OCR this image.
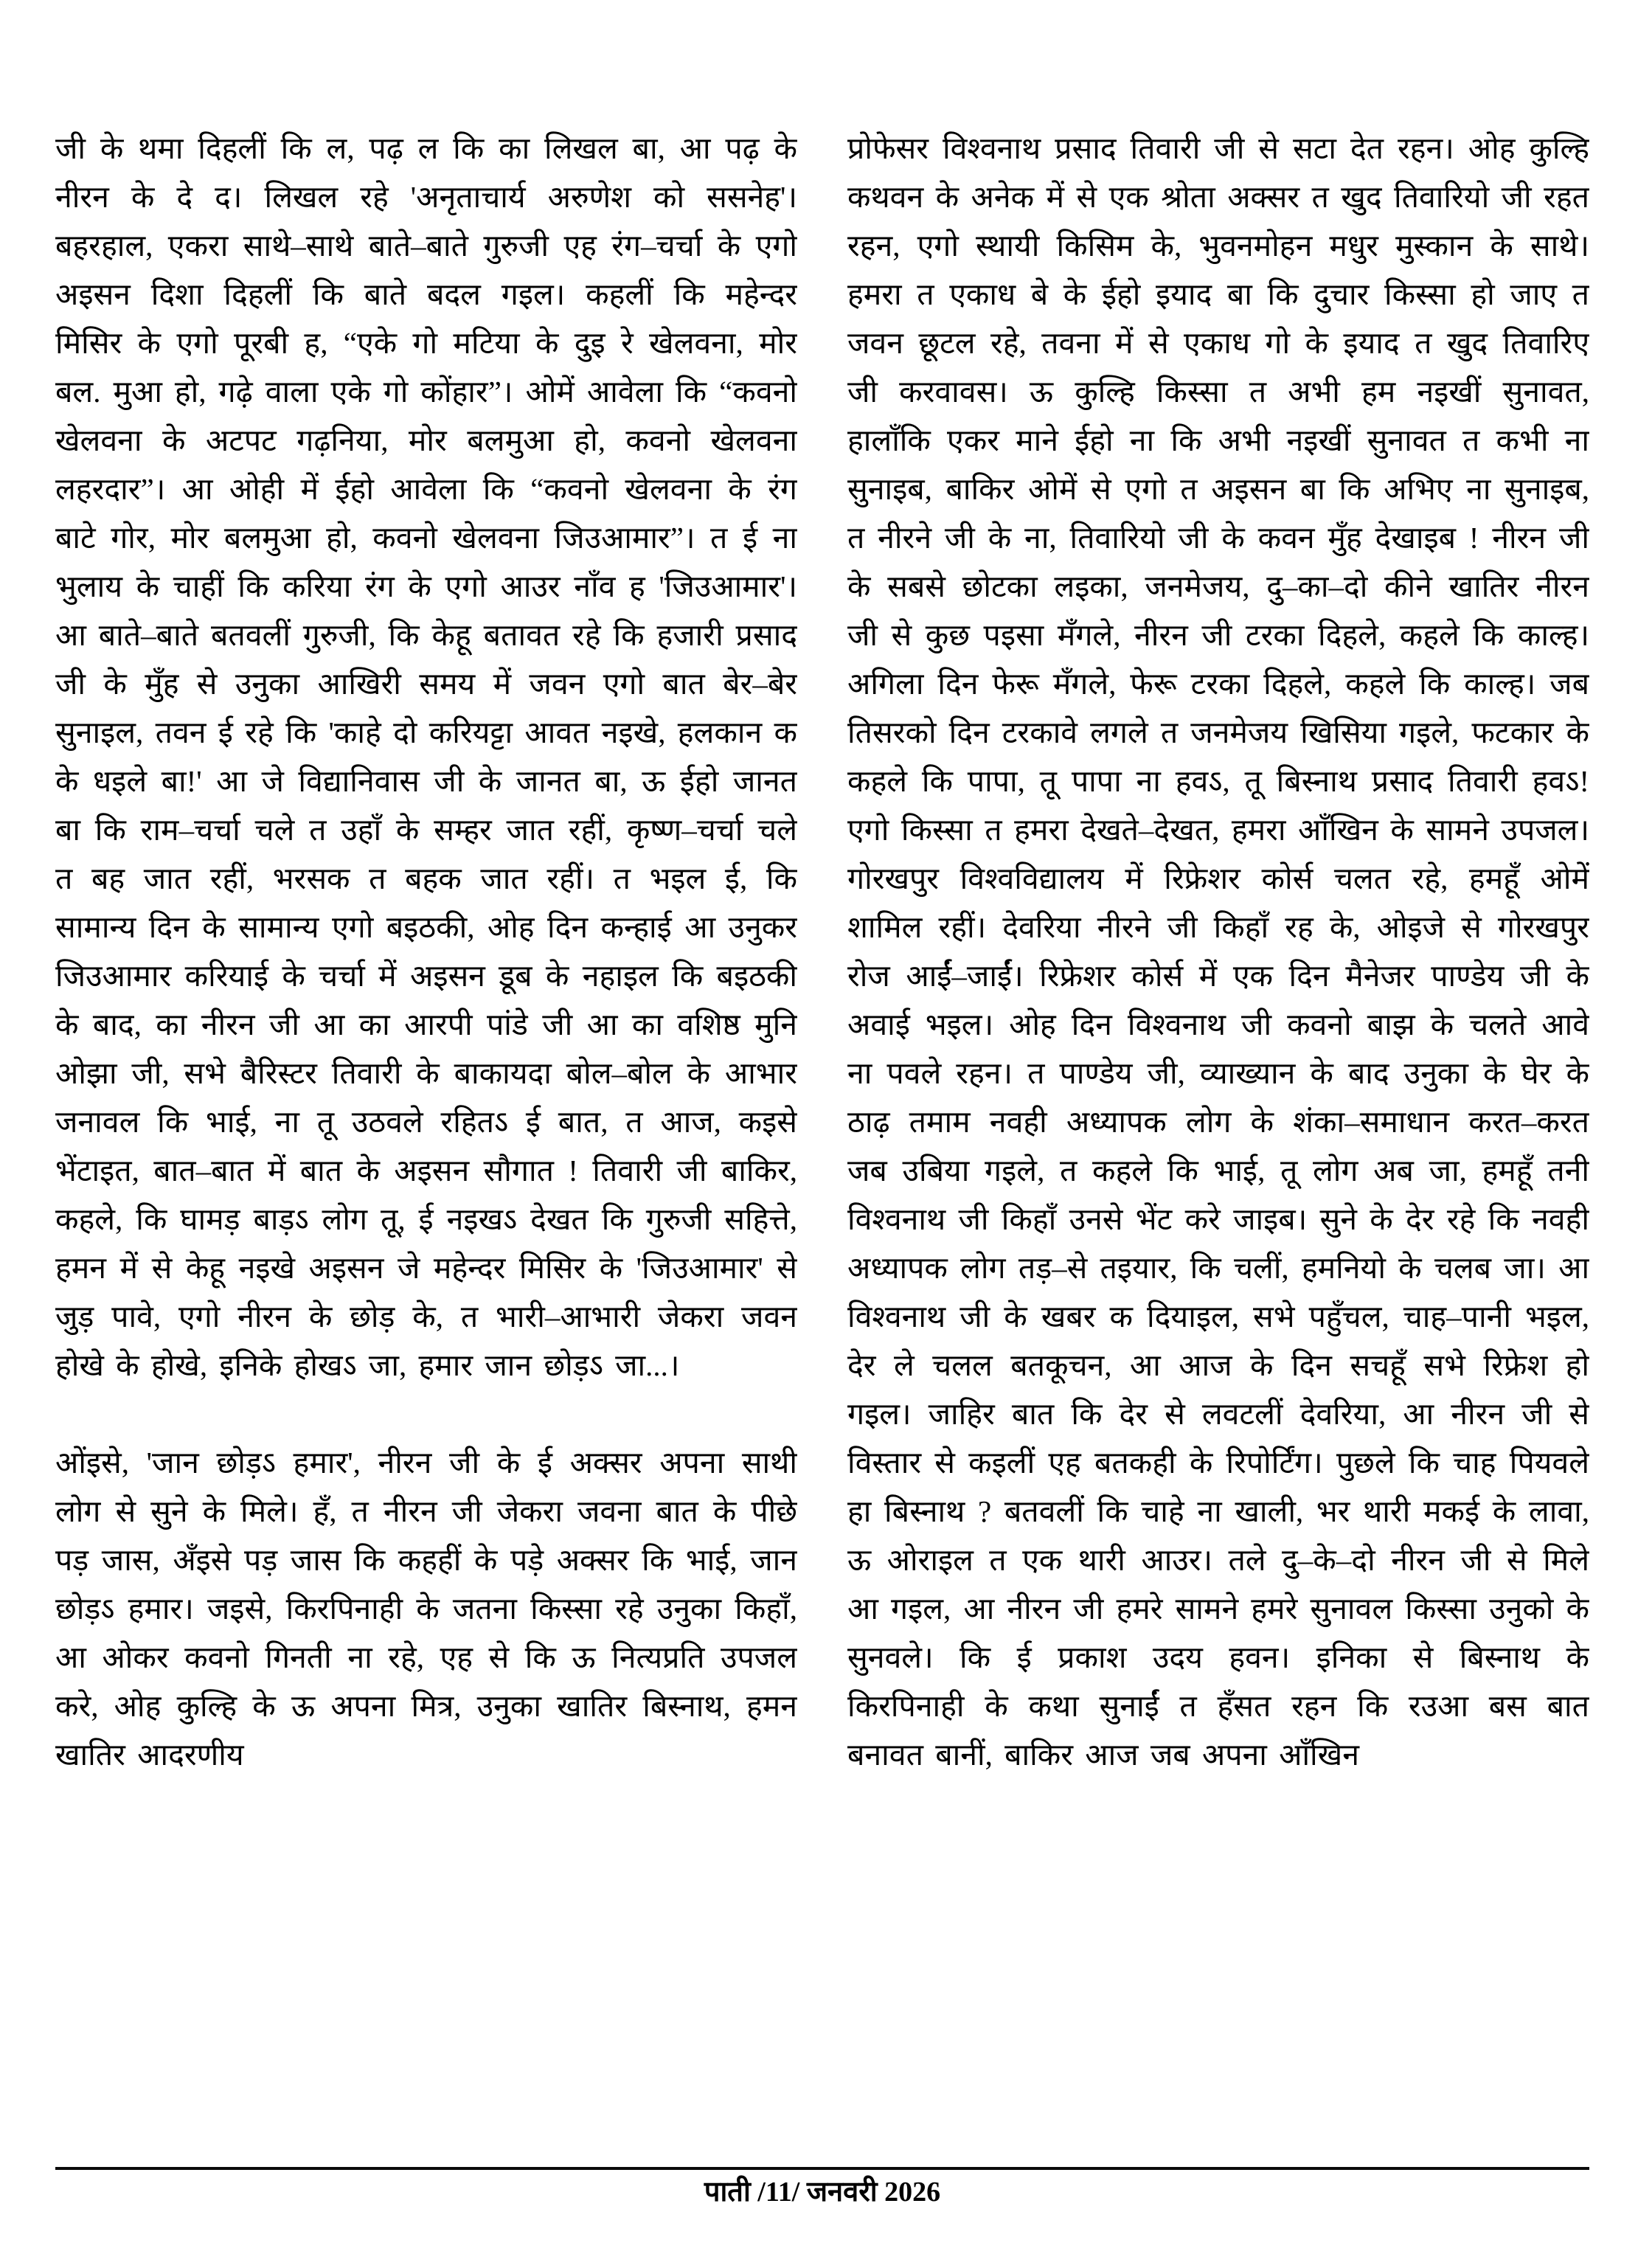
जी के थमा दिहलीं कि ल, पढ़ ल कि का लिखल बा, आ पढ़ के नीरन के दे द। लिखल रहे 'अनृताचार्य अरुणेश को ससनेह'। बहरहाल, एकरा साथे–साथे बाते–बाते गुरुजी एह रंग–चर्चा के एगो अइसन दिशा दिहलीं कि बाते बदल गइल। कहलीं कि महेन्दर मिसिर के एगो पूरबी ह, “एके गो मटिया के दुइ रे खेलवना, मोर बल. मुआ हो, गढ़े वाला एके गो कोंहार”। ओमें आवेला कि “कवनो खेलवना के अटपट गढ़निया, मोर बलमुआ हो, कवनो खेलवना लहरदार”। आ ओही में ईहो आवेला कि “कवनो खेलवना के रंग बाटे गोर, मोर बलमुआ हो, कवनो खेलवना जिउआमार”। त ई ना भुलाय के चाहीं कि करिया रंग के एगो आउर नाँव ह 'जिउआमार'। आ बाते–बाते बतवलीं गुरुजी, कि केहू बतावत रहे कि हजारी प्रसाद जी के मुँह से उनुका आखिरी समय में जवन एगो बात बेर–बेर सुनाइल, तवन ई रहे कि 'काहे दो करियट्टा आवत नइखे, हलकान क के धइले बा!' आ जे विद्यानिवास जी के जानत बा, ऊ ईहो जानत बा कि राम–चर्चा चले त उहाँ के सम्हर जात रहीं, कृष्ण–चर्चा चले त बह जात रहीं, भरसक त बहक जात रहीं। त भइल ई, कि सामान्य दिन के सामान्य एगो बइठकी, ओह दिन कन्हाई आ उनुकर जिउआमार करियाई के चर्चा में अइसन डूब के नहाइल कि बइठकी के बाद, का नीरन जी आ का आरपी पांडे जी आ का वशिष्ठ मुनि ओझा जी, सभे बैरिस्टर तिवारी के बाकायदा बोल–बोल के आभार जनावल कि भाई, ना तू उठवले रहितऽ ई बात, त आज, कइसे भेंटाइत, बात–बात में बात के अइसन सौगात ! तिवारी जी बाकिर, कहले, कि घामड़ बाड़ऽ लोग तू, ई नइखऽ देखत कि गुरुजी सहित्ते, हमन में से केहू नइखे अइसन जे महेन्दर मिसिर के 'जिउआमार' से जुड़ पावे, एगो नीरन के छोड़ के, त भारी–आभारी जेकरा जवन होखे के होखे, इनिके होखऽ जा, हमार जान छोड़ऽ जा...।

ओंइसे, 'जान छोड़ऽ हमार', नीरन जी के ई अक्सर अपना साथी लोग से सुने के मिले। हँ, त नीरन जी जेकरा जवना बात के पीछे पड़ जास, अँइसे पड़ जास कि कहहीं के पड़े अक्सर कि भाई, जान छोड़ऽ हमार। जइसे, किरपिनाही के जतना किस्सा रहे उनुका किहाँ, आ ओकर कवनो गिनती ना रहे, एह से कि ऊ नित्यप्रति उपजल करे, ओह कुल्हि के ऊ अपना मित्र, उनुका खातिर बिस्नाथ, हमन खातिर आदरणीय

प्रोफेसर विश्वनाथ प्रसाद तिवारी जी से सटा देत रहन। ओह कुल्हि कथवन के अनेक में से एक श्रोता अक्सर त खुद तिवारियो जी रहत रहन, एगो स्थायी किसिम के, भुवनमोहन मधुर मुस्कान के साथे। हमरा त एकाध बे के ईहो इयाद बा कि दुचार किस्सा हो जाए त जवन छूटल रहे, तवना में से एकाध गो के इयाद त खुद तिवारिए जी करवावस। ऊ कुल्हि किस्सा त अभी हम नइखीं सुनावत, हालाँकि एकर माने ईहो ना कि अभी नइखीं सुनावत त कभी ना सुनाइब, बाकिर ओमें से एगो त अइसन बा कि अभिए ना सुनाइब, त नीरने जी के ना, तिवारियो जी के कवन मुँह देखाइब ! नीरन जी के सबसे छोटका लइका, जनमेजय, दु–का–दो कीने खातिर नीरन जी से कुछ पइसा मँगले, नीरन जी टरका दिहले, कहले कि काल्ह। अगिला दिन फेरू मँगले, फेरू टरका दिहले, कहले कि काल्ह। जब तिसरको दिन टरकावे लगले त जनमेजय खिसिया गइले, फटकार के कहले कि पापा, तू पापा ना हवऽ, तू बिस्नाथ प्रसाद तिवारी हवऽ! एगो किस्सा त हमरा देखते–देखत, हमरा आँखिन के सामने उपजल। गोरखपुर विश्वविद्यालय में रिफ्रेशर कोर्स चलत रहे, हमहूँ ओमें शामिल रहीं। देवरिया नीरने जी किहाँ रह के, ओइजे से गोरखपुर रोज आईं–जाईं। रिफ्रेशर कोर्स में एक दिन मैनेजर पाण्डेय जी के अवाई भइल। ओह दिन विश्वनाथ जी कवनो बाझ के चलते आवे ना पवले रहन। त पाण्डेय जी, व्याख्यान के बाद उनुका के घेर के ठाढ़ तमाम नवही अध्यापक लोग के शंका–समाधान करत–करत जब उबिया गइले, त कहले कि भाई, तू लोग अब जा, हमहूँ तनी विश्वनाथ जी किहाँ उनसे भेंट करे जाइब। सुने के देर रहे कि नवही अध्यापक लोग तड़–से तइयार, कि चलीं, हमनियो के चलब जा। आ विश्वनाथ जी के खबर क दियाइल, सभे पहुँचल, चाह–पानी भइल, देर ले चलल बतकूचन, आ आज के दिन सचहूँ सभे रिफ्रेश हो गइल। जाहिर बात कि देर से लवटलीं देवरिया, आ नीरन जी से विस्तार से कइलीं एह बतकही के रिपोर्टिंग। पुछले कि चाह पियवले हा बिस्नाथ ? बतवलीं कि चाहे ना खाली, भर थारी मकई के लावा, ऊ ओराइल त एक थारी आउर। तले दु–के–दो नीरन जी से मिले आ गइल, आ नीरन जी हमरे सामने हमरे सुनावल किस्सा उनुको के सुनवले। कि ई प्रकाश उदय हवन। इनिका से बिस्नाथ के किरपिनाही के कथा सुनाईं त हँसत रहन कि रउआ बस बात बनावत बानीं, बाकिर आज जब अपना आँखिन

पाती /11/ जनवरी 2026
